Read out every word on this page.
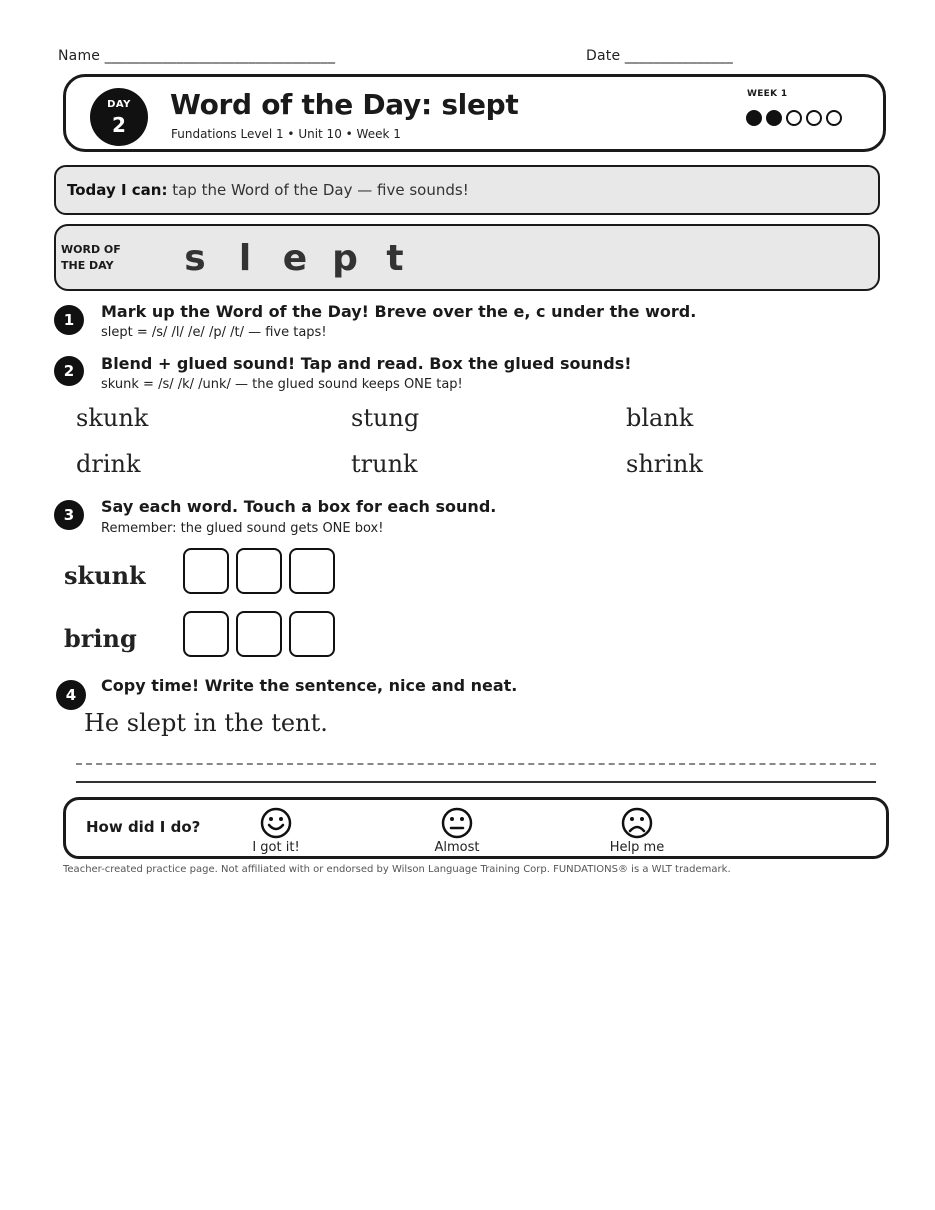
Name ________________________________	Date _______________
DAY
2
Word of the Day: slept
Fundations Level 1 • Unit 10 • Week 1
WEEK 1
Today I can: tap the Word of the Day — five sounds!
WORD OF
THE DAY s l e p t
1	Mark up the Word of the Day! Breve over the e, c under the word.
slept = /s/ /l/ /e/ /p/ /t/ — five taps!
2	Blend + glued sound! Tap and read. Box the glued sounds!
skunk = /s/ /k/ /unk/ — the glued sound keeps ONE tap!
skunk	stung	blank
drink	trunk	shrink
3	Say each word. Touch a box for each sound.
Remember: the glued sound gets ONE box!
skunk
bring
4	Copy time! Write the sentence, nice and neat.
He slept in the tent.
How did I do?
I got it!	Almost	Help me
Teacher-created practice page. Not affiliated with or endorsed by Wilson Language Training Corp. FUNDATIONS® is a WLT trademark.
